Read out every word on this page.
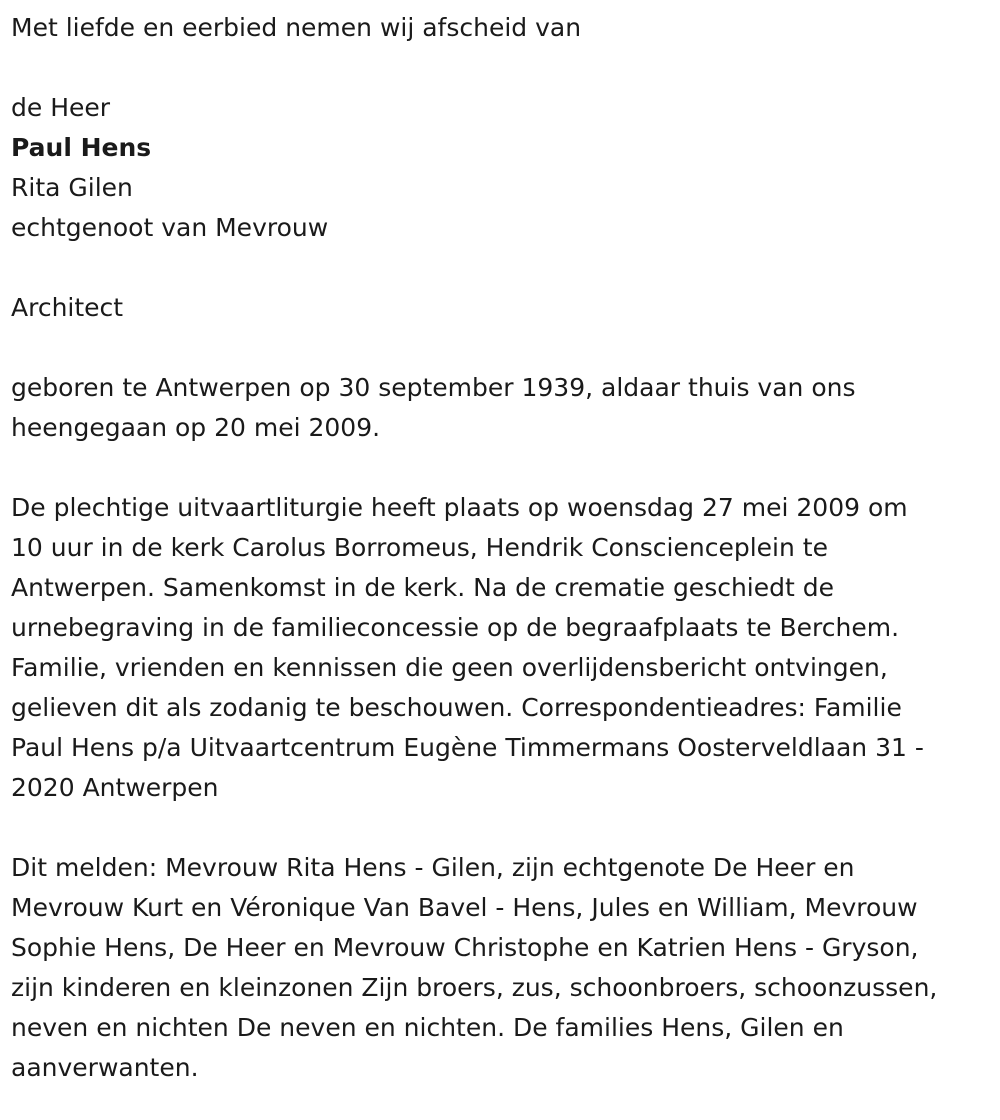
Met liefde en eerbied nemen wij afscheid van

de Heer

Paul Hens

Rita Gilen

echtgenoot van Mevrouw

Architect

geboren te Antwerpen op 30 september 1939, aldaar thuis van ons
heengegaan op 20 mei 2009.
De plechtige uitvaartliturgie heeft plaats op woensdag 27 mei 2009 om
10 uur in de kerk Carolus Borromeus, Hendrik Conscienceplein te
Antwerpen. Samenkomst in de kerk. Na de crematie geschiedt de
urnebegraving in de familieconcessie op de begraafplaats te Berchem.
Familie, vrienden en kennissen die geen overlijdensbericht ontvingen,
gelieven dit als zodanig te beschouwen. Correspondentieadres: Familie
Paul Hens p/a Uitvaartcentrum Eugène Timmermans Oosterveldlaan 31 -
2020 Antwerpen
Dit melden: Mevrouw Rita Hens - Gilen, zijn echtgenote De Heer en
Mevrouw Kurt en Véronique Van Bavel - Hens, Jules en William, Mevrouw
Sophie Hens, De Heer en Mevrouw Christophe en Katrien Hens - Gryson,
zijn kinderen en kleinzonen Zijn broers, zus, schoonbroers, schoonzussen,
neven en nichten De neven en nichten. De families Hens, Gilen en
aanverwanten.
